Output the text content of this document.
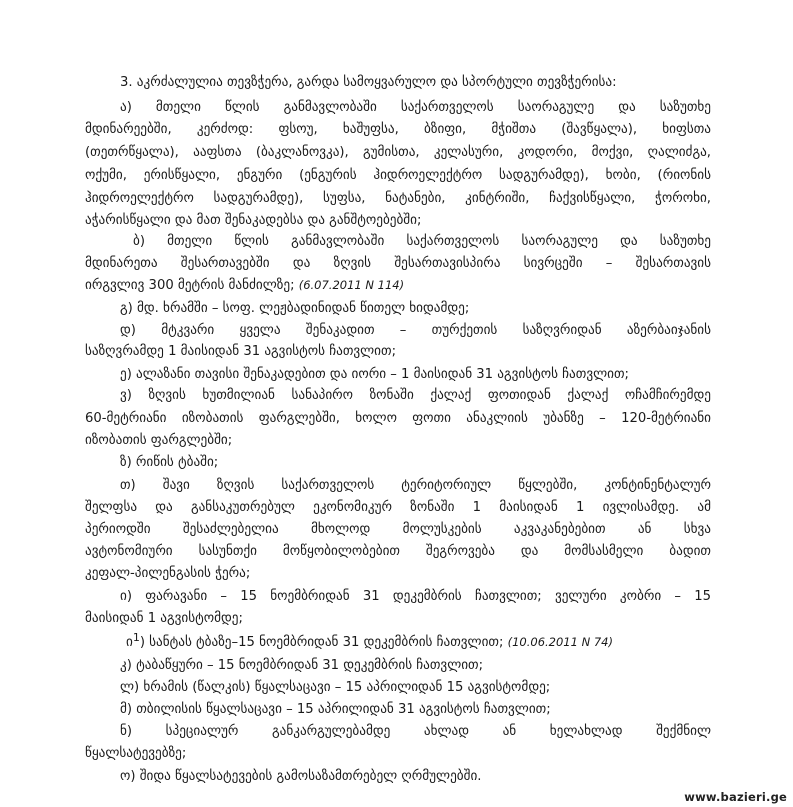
3. აკრძალულია თევზჭერა, გარდა სამოყვარულო და სპორტული თევზჭერისა:

ა) მთელი წლის განმავლობაში საქართველოს საორაგულე და საზუთხე

მდინარეებში, კერძოდ: ფსოუ, ხაშუფსა, ბზიფი, მჭიშთა (შავწყალა), ხიფსთა

(თეთრწყალა), ააფსთა (ბაკლანოვკა), გუმისთა, კელასური, კოდორი, მოქვი, ღალიძგა,

ოქუმი, ერისწყალი, ენგური (ენგურის ჰიდროელექტრო სადგურამდე), ხობი, (რიონის

ჰიდროელექტრო სადგურამდე), სუფსა, ნატანები, კინტრიში, ჩაქვისწყალი, ჭოროხი,

აჭარისწყალი და მათ შენაკადებსა და განშტოებებში;

ბ) მთელი წლის განმავლობაში საქართველოს საორაგულე და საზუთხე

მდინარეთა შესართავებში და ზღვის შესართავისპირა სივრცეში – შესართავის

ირგვლივ 300 მეტრის მანძილზე; (6.07.2011 N 114)

გ) მდ. ხრამში – სოფ. ლეჟბადინიდან წითელ ხიდამდე;

დ) მტკვარი ყველა შენაკადით – თურქეთის საზღვრიდან აზერბაიჯანის

საზღვრამდე 1 მაისიდან 31 აგვისტოს ჩათვლით;

ე) ალაზანი თავისი შენაკადებით და იორი – 1 მაისიდან 31 აგვისტოს ჩათვლით;

ვ) ზღვის ხუთმილიან სანაპირო ზონაში ქალაქ ფოთიდან ქალაქ ოჩამჩირემდე

60-მეტრიანი იზობათის ფარგლებში, ხოლო ფოთი ანაკლიის უბანზე – 120-მეტრიანი

იზობათის ფარგლებში;

ზ) რიწის ტბაში;

თ) შავი ზღვის საქართველოს ტერიტორიულ წყლებში, კონტინენტალურ

შელფსა და განსაკუთრებულ ეკონომიკურ ზონაში 1 მაისიდან 1 ივლისამდე. ამ

პერიოდში შესაძლებელია მხოლოდ მოლუსკების აკვაკანებებით ან სხვა

ავტონომიური სასუნთქი მოწყობილობებით შეგროვება და მომსასმელი ბადით

კეფალ-პილენგასის ჭერა;

ი) ფარავანი – 15 ნოემბრიდან 31 დეკემბრის ჩათვლით; ველური კობრი – 15

მაისიდან 1 აგვისტომდე;

ი$^1$) სანტას ტბაზე–15 ნოემბრიდან 31 დეკემბრის ჩათვლით; (10.06.2011 N 74)

კ) ტაბაწყური – 15 ნოემბრიდან 31 დეკემბრის ჩათვლით;

ლ) ხრამის (წალკის) წყალსაცავი – 15 აპრილიდან 15 აგვისტომდე;

მ) თბილისის წყალსაცავი – 15 აპრილიდან 31 აგვისტოს ჩათვლით;

ნ) სპეციალურ განკარგულებამდე ახლად ან ხელახლად შექმნილ

წყალსატევებზე;

ო) შიდა წყალსატევების გამოსაზამთრებელ ღრმულებში.

www.bazieri.ge
